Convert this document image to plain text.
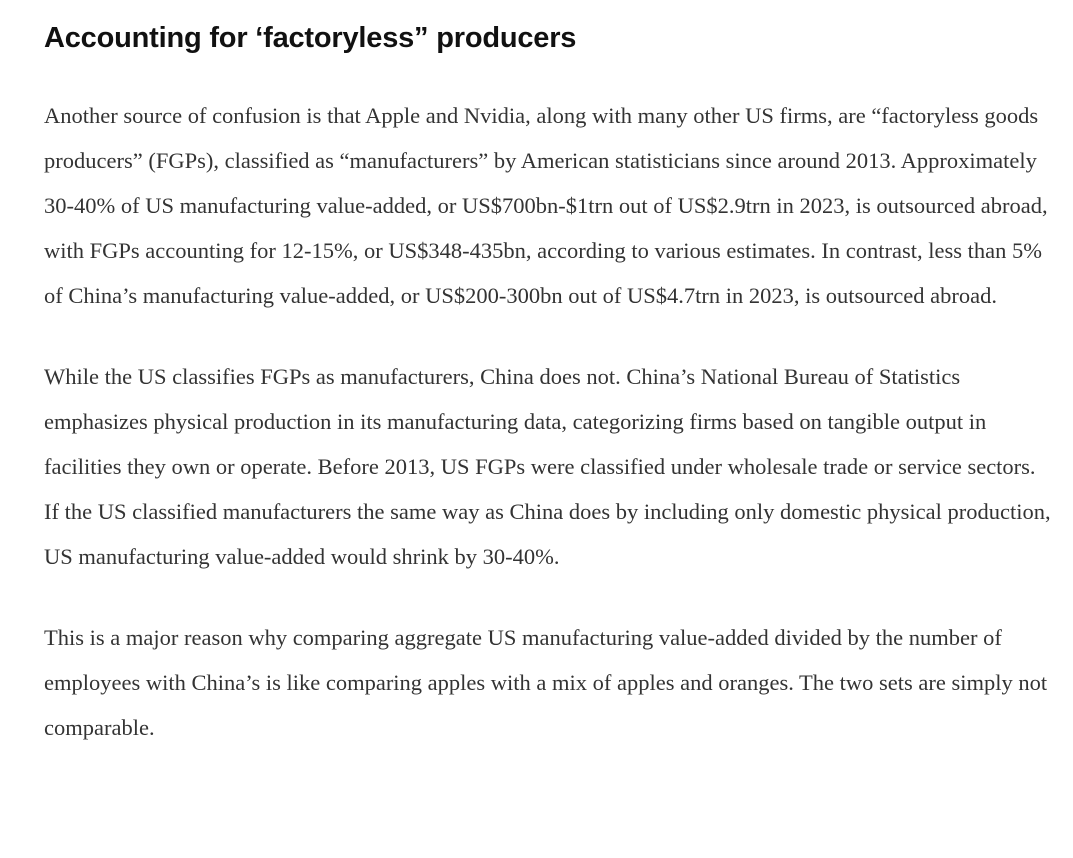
Accounting for ‘factoryless” producers

Another source of confusion is that Apple and Nvidia, along with many other US firms, are “factoryless goods producers” (FGPs), classified as “manufacturers” by American statisticians since around 2013. Approximately 30-40% of US manufacturing value-added, or US$700bn-$1trn out of US$2.9trn in 2023, is outsourced abroad, with FGPs accounting for 12-15%, or US$348-435bn, according to various estimates. In contrast, less than 5% of China’s manufacturing value-added, or US$200-300bn out of US$4.7trn in 2023, is outsourced abroad.

While the US classifies FGPs as manufacturers, China does not. China’s National Bureau of Statistics emphasizes physical production in its manufacturing data, categorizing firms based on tangible output in facilities they own or operate. Before 2013, US FGPs were classified under wholesale trade or service sectors. If the US classified manufacturers the same way as China does by including only domestic physical production, US manufacturing value-added would shrink by 30-40%.

This is a major reason why comparing aggregate US manufacturing value-added divided by the number of employees with China’s is like comparing apples with a mix of apples and oranges. The two sets are simply not comparable.
